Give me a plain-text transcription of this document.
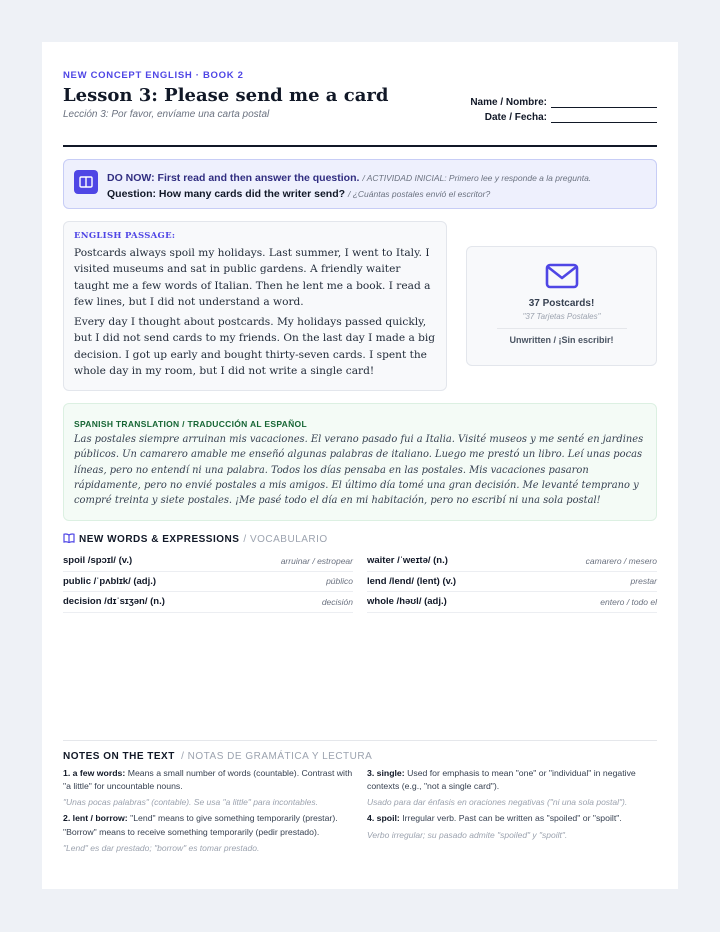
NEW CONCEPT ENGLISH · BOOK 2
Lesson 3: Please send me a card
Lección 3: Por favor, envíame una carta postal
Name / Nombre:
Date / Fecha:
DO NOW: First read and then answer the question. / ACTIVIDAD INICIAL: Primero lee y responde a la pregunta.
Question: How many cards did the writer send? / ¿Cuántas postales envió el escritor?
ENGLISH PASSAGE:

Postcards always spoil my holidays. Last summer, I went to Italy. I visited museums and sat in public gardens. A friendly waiter taught me a few words of Italian. Then he lent me a book. I read a few lines, but I did not understand a word.

Every day I thought about postcards. My holidays passed quickly, but I did not send cards to my friends. On the last day I made a big decision. I got up early and bought thirty-seven cards. I spent the whole day in my room, but I did not write a single card!

37 Postcards!
"37 Tarjetas Postales"
Unwritten / ¡Sin escribir!
SPANISH TRANSLATION / TRADUCCIÓN AL ESPAÑOL

Las postales siempre arruinan mis vacaciones. El verano pasado fui a Italia. Visité museos y me senté en jardines públicos. Un camarero amable me enseñó algunas palabras de italiano. Luego me prestó un libro. Leí unas pocas líneas, pero no entendí ni una palabra. Todos los días pensaba en las postales. Mis vacaciones pasaron rápidamente, pero no envié postales a mis amigos. El último día tomé una gran decisión. Me levanté temprano y compré treinta y siete postales. ¡Me pasé todo el día en mi habitación, pero no escribí ni una sola postal!

NEW WORDS & EXPRESSIONS / VOCABULARIO
spoil /spɔɪl/ (v.)	arruinar / estropear
public /ˈpʌblɪk/ (adj.)	público
decision /dɪˈsɪʒən/ (n.)	decisión
waiter /ˈweɪtə/ (n.)	camarero / mesero
lend /lend/ (lent) (v.)	prestar
whole /həʊl/ (adj.)	entero / todo el
NOTES ON THE TEXT / NOTAS DE GRAMÁTICA Y LECTURA
1. a few words: Means a small number of words (countable). Contrast with "a little" for uncountable nouns.
"Unas pocas palabras" (contable). Se usa "a little" para incontables.
2. lent / borrow: "Lend" means to give something temporarily (prestar). "Borrow" means to receive something temporarily (pedir prestado).
"Lend" es dar prestado; "borrow" es tomar prestado.
3. single: Used for emphasis to mean "one" or "individual" in negative contexts (e.g., "not a single card").
Usado para dar énfasis en oraciones negativas ("ni una sola postal").
4. spoil: Irregular verb. Past can be written as "spoiled" or "spoilt".
Verbo irregular; su pasado admite "spoiled" y "spoilt".
